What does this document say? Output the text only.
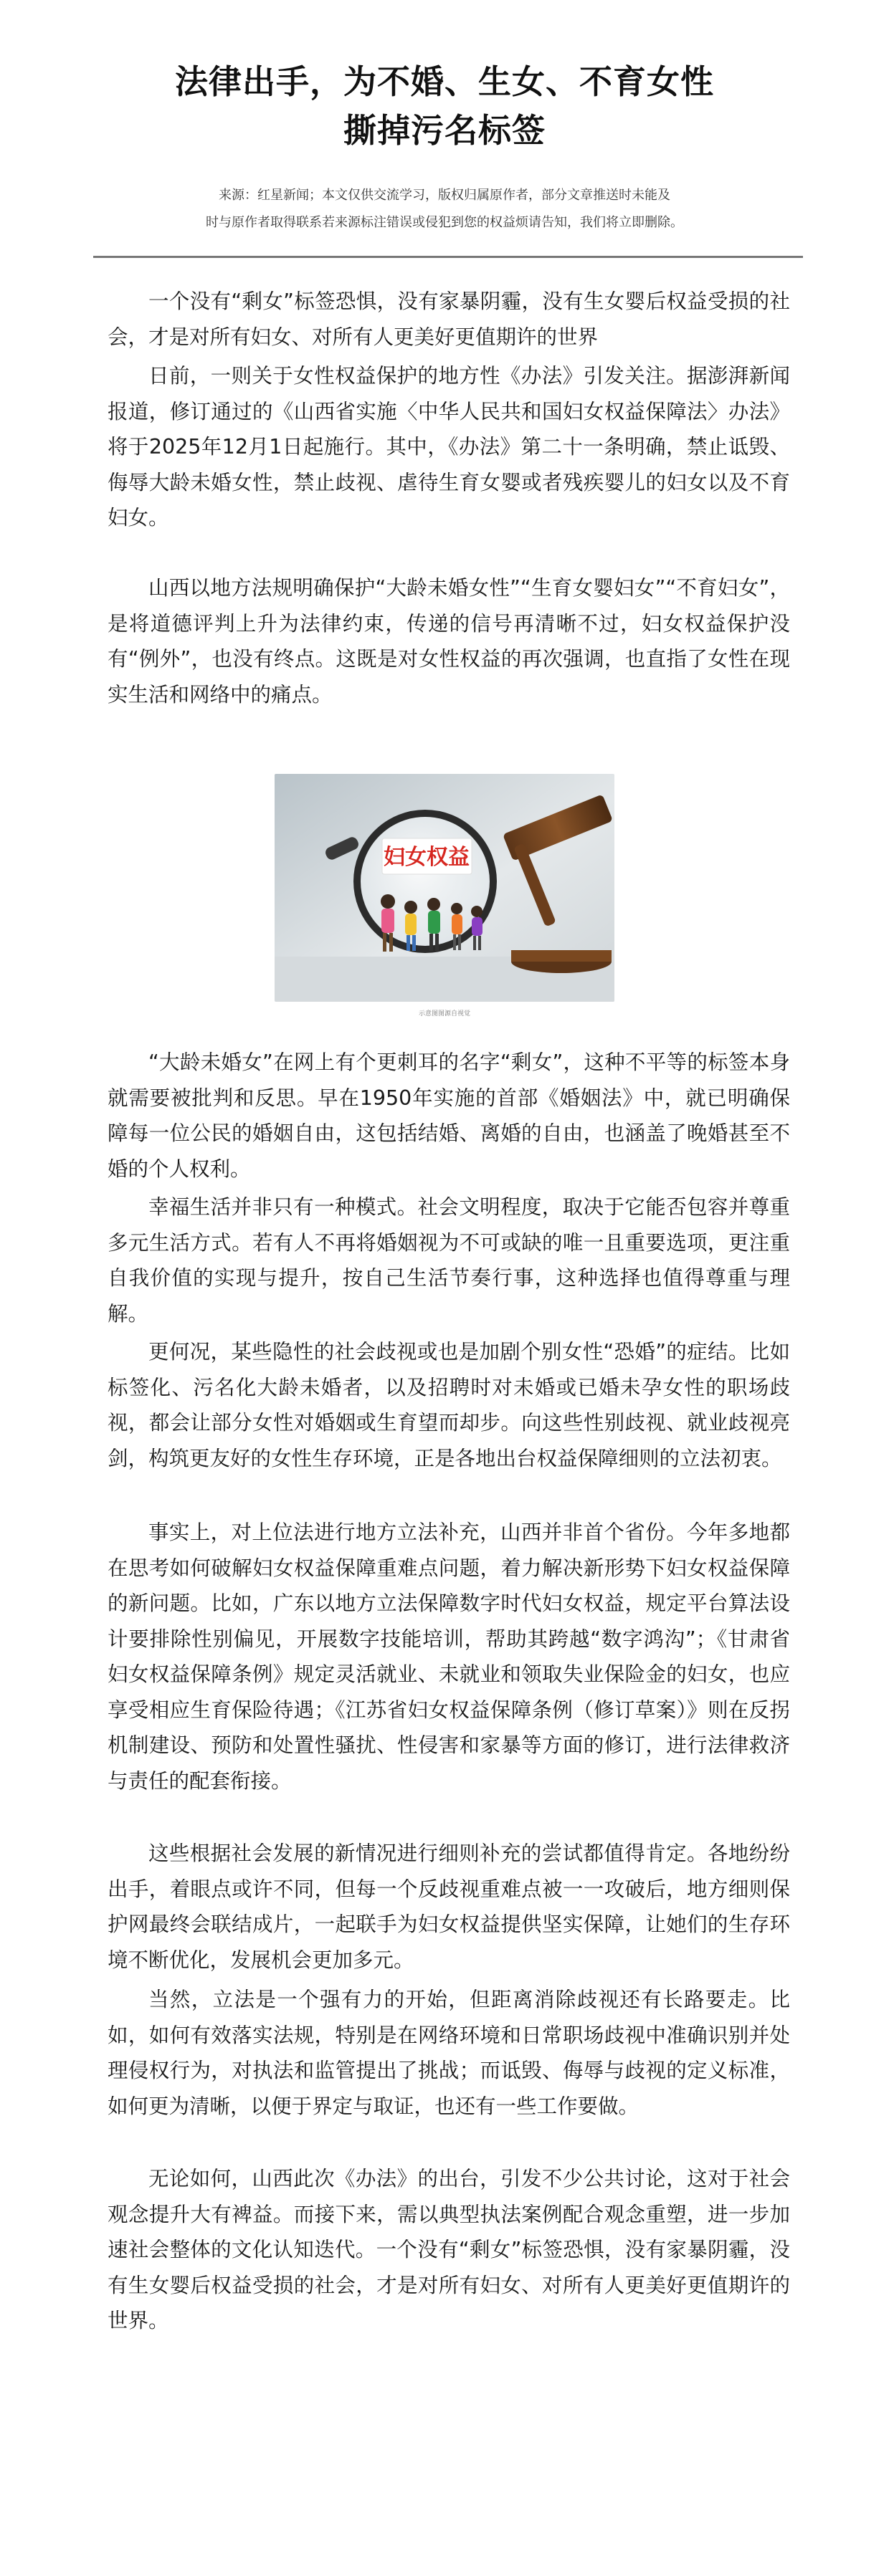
法律出手，为不婚、生女、不育女性
撕掉污名标签
来源：红星新闻；本文仅供交流学习，版权归属原作者，部分文章推送时未能及
时与原作者取得联系若来源标注错误或侵犯到您的权益烦请告知，我们将立即删除。

一个没有“剩女”标签恐惧，没有家暴阴霾，没有生女婴后权益受损的社会，才是对所有妇女、对所有人更美好更值期许的世界

日前，一则关于女性权益保护的地方性《办法》引发关注。据澎湃新闻报道，修订通过的《山西省实施〈中华人民共和国妇女权益保障法〉办法》将于2025年12月1日起施行。其中，《办法》第二十一条明确，禁止诋毁、侮辱大龄未婚女性，禁止歧视、虐待生育女婴或者残疾婴儿的妇女以及不育妇女。

山西以地方法规明确保护“大龄未婚女性”“生育女婴妇女”“不育妇女”，是将道德评判上升为法律约束，传递的信号再清晰不过，妇女权益保护没有“例外”，也没有终点。这既是对女性权益的再次强调，也直指了女性在现实生活和网络中的痛点。

妇女权益
示意图图源自视觉

“大龄未婚女”在网上有个更刺耳的名字“剩女”，这种不平等的标签本身就需要被批判和反思。早在1950年实施的首部《婚姻法》中，就已明确保障每一位公民的婚姻自由，这包括结婚、离婚的自由，也涵盖了晚婚甚至不婚的个人权利。

幸福生活并非只有一种模式。社会文明程度，取决于它能否包容并尊重多元生活方式。若有人不再将婚姻视为不可或缺的唯一且重要选项，更注重自我价值的实现与提升，按自己生活节奏行事，这种选择也值得尊重与理解。

更何况，某些隐性的社会歧视或也是加剧个别女性“恐婚”的症结。比如标签化、污名化大龄未婚者，以及招聘时对未婚或已婚未孕女性的职场歧视，都会让部分女性对婚姻或生育望而却步。向这些性别歧视、就业歧视亮剑，构筑更友好的女性生存环境，正是各地出台权益保障细则的立法初衷。

事实上，对上位法进行地方立法补充，山西并非首个省份。今年多地都在思考如何破解妇女权益保障重难点问题，着力解决新形势下妇女权益保障的新问题。比如，广东以地方立法保障数字时代妇女权益，规定平台算法设计要排除性别偏见，开展数字技能培训，帮助其跨越“数字鸿沟”；《甘肃省妇女权益保障条例》规定灵活就业、未就业和领取失业保险金的妇女，也应享受相应生育保险待遇；《江苏省妇女权益保障条例（修订草案）》则在反拐机制建设、预防和处置性骚扰、性侵害和家暴等方面的修订，进行法律救济与责任的配套衔接。

这些根据社会发展的新情况进行细则补充的尝试都值得肯定。各地纷纷出手，着眼点或许不同，但每一个反歧视重难点被一一攻破后，地方细则保护网最终会联结成片，一起联手为妇女权益提供坚实保障，让她们的生存环境不断优化，发展机会更加多元。

当然，立法是一个强有力的开始，但距离消除歧视还有长路要走。比如，如何有效落实法规，特别是在网络环境和日常职场歧视中准确识别并处理侵权行为，对执法和监管提出了挑战；而诋毁、侮辱与歧视的定义标准，如何更为清晰，以便于界定与取证，也还有一些工作要做。

无论如何，山西此次《办法》的出台，引发不少公共讨论，这对于社会观念提升大有裨益。而接下来，需以典型执法案例配合观念重塑，进一步加速社会整体的文化认知迭代。一个没有“剩女”标签恐惧，没有家暴阴霾，没有生女婴后权益受损的社会，才是对所有妇女、对所有人更美好更值期许的世界。
